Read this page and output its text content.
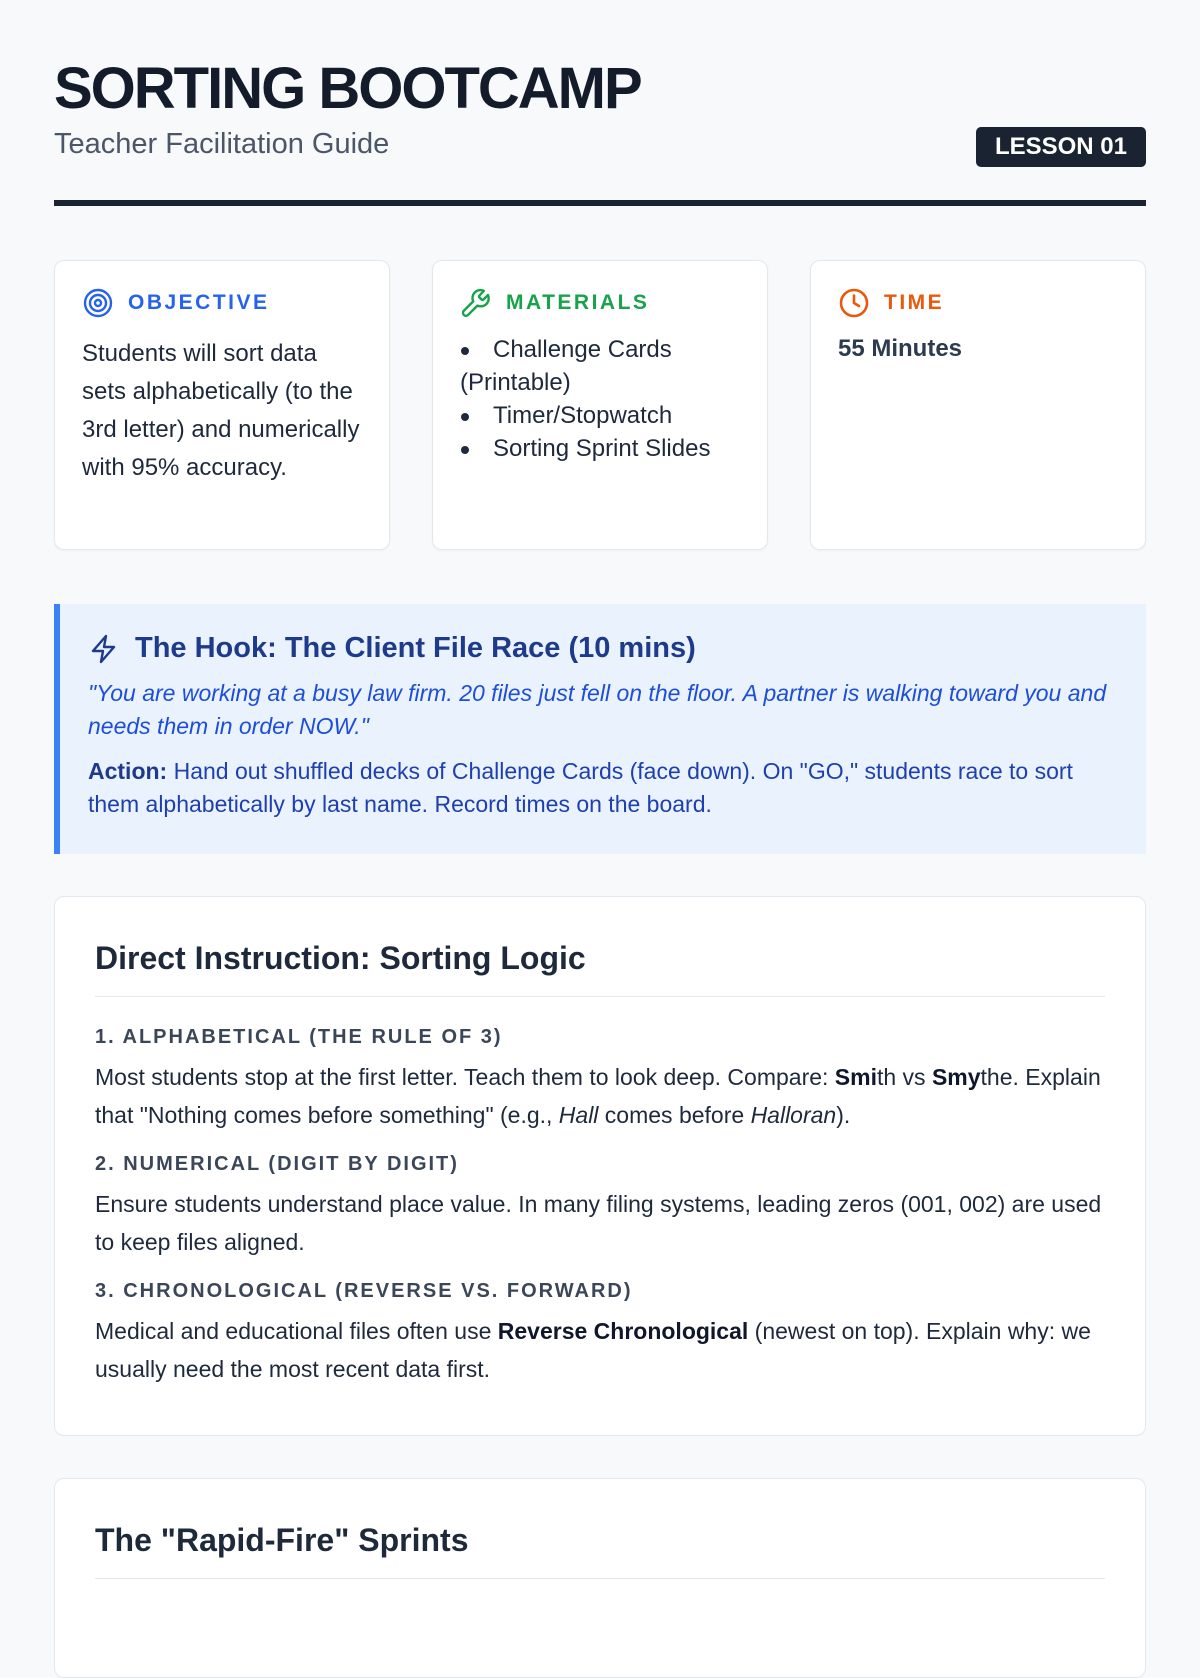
SORTING BOOTCAMP
Teacher Facilitation Guide	LESSON 01
OBJECTIVE
Students will sort data sets alphabetically (to the 3rd letter) and numerically with 95% accuracy.
MATERIALS
Challenge Cards (Printable)
Timer/Stopwatch
Sorting Sprint Slides
TIME
55 Minutes
The Hook: The Client File Race (10 mins)
"You are working at a busy law firm. 20 files just fell on the floor. A partner is walking toward you and needs them in order NOW."
Action: Hand out shuffled decks of Challenge Cards (face down). On "GO," students race to sort them alphabetically by last name. Record times on the board.
Direct Instruction: Sorting Logic
1. ALPHABETICAL (THE RULE OF 3)
Most students stop at the first letter. Teach them to look deep. Compare: Smith vs Smythe. Explain that "Nothing comes before something" (e.g., Hall comes before Halloran).
2. NUMERICAL (DIGIT BY DIGIT)
Ensure students understand place value. In many filing systems, leading zeros (001, 002) are used to keep files aligned.
3. CHRONOLOGICAL (REVERSE VS. FORWARD)
Medical and educational files often use Reverse Chronological (newest on top). Explain why: we usually need the most recent data first.
The "Rapid-Fire" Sprints
